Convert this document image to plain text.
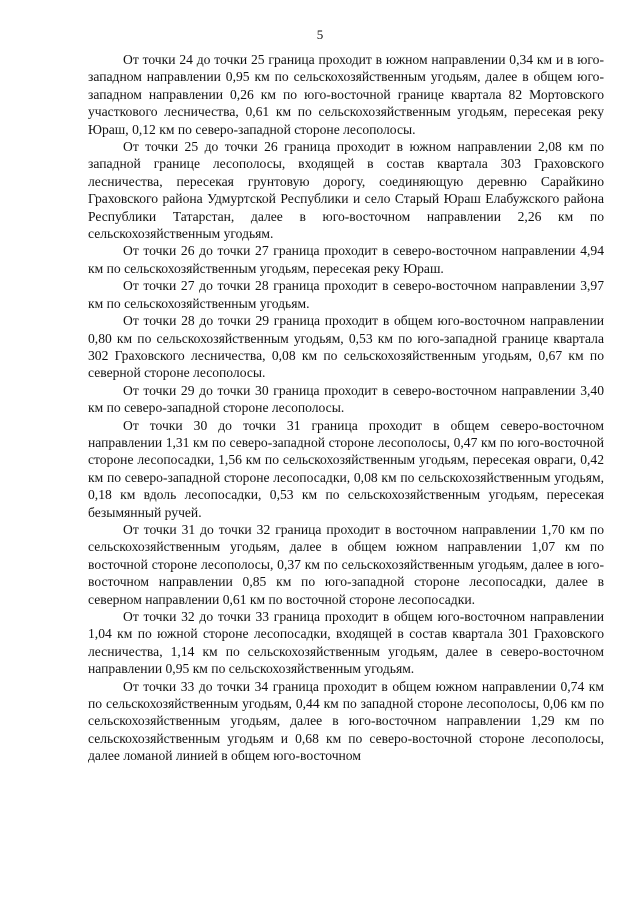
5

От точки 24 до точки 25 граница проходит в южном направлении 0,34 км и в юго-западном направлении 0,95 км по сельскохозяйственным угодьям, далее в общем юго-западном направлении 0,26 км по юго-восточной границе квартала 82 Мортовского участкового лесничества, 0,61 км по сельскохозяйственным угодьям, пересекая реку Юраш, 0,12 км по северо-западной стороне лесополосы.

От точки 25 до точки 26 граница проходит в южном направлении 2,08 км по западной границе лесополосы, входящей в состав квартала 303 Граховского лесничества, пересекая грунтовую дорогу, соединяющую деревню Сарайкино Граховского района Удмуртской Республики и село Старый Юраш Елабужского района Республики Татарстан, далее в юго-восточном направлении 2,26 км по сельскохозяйственным угодьям.

От точки 26 до точки 27 граница проходит в северо-восточном направлении 4,94 км по сельскохозяйственным угодьям, пересекая реку Юраш.

От точки 27 до точки 28 граница проходит в северо-восточном направлении 3,97 км по сельскохозяйственным угодьям.

От точки 28 до точки 29 граница проходит в общем юго-восточном направлении 0,80 км по сельскохозяйственным угодьям, 0,53 км по юго-западной границе квартала 302 Граховского лесничества, 0,08 км по сельскохозяйственным угодьям, 0,67 км по северной стороне лесополосы.

От точки 29 до точки 30 граница проходит в северо-восточном направлении 3,40 км по северо-западной стороне лесополосы.

От точки 30 до точки 31 граница проходит в общем северо-восточном направлении 1,31 км по северо-западной стороне лесополосы, 0,47 км по юго-восточной стороне лесопосадки, 1,56 км по сельскохозяйственным угодьям, пересекая овраги, 0,42 км по северо-западной стороне лесопосадки, 0,08 км по сельскохозяйственным угодьям, 0,18 км вдоль лесопосадки, 0,53 км по сельскохозяйственным угодьям, пересекая безымянный ручей.

От точки 31 до точки 32 граница проходит в восточном направлении 1,70 км по сельскохозяйственным угодьям, далее в общем южном направлении 1,07 км по восточной стороне лесополосы, 0,37 км по сельскохозяйственным угодьям, далее в юго-восточном направлении 0,85 км по юго-западной стороне лесопосадки, далее в северном направлении 0,61 км по восточной стороне лесопосадки.

От точки 32 до точки 33 граница проходит в общем юго-восточном направлении 1,04 км по южной стороне лесопосадки, входящей в состав квартала 301 Граховского лесничества, 1,14 км по сельскохозяйственным угодьям, далее в северо-восточном направлении 0,95 км по сельскохозяйственным угодьям.

От точки 33 до точки 34 граница проходит в общем южном направлении 0,74 км по сельскохозяйственным угодьям, 0,44 км по западной стороне лесополосы, 0,06 км по сельскохозяйственным угодьям, далее в юго-восточном направлении 1,29 км по сельскохозяйственным угодьям и 0,68 км по северо-восточной стороне лесополосы, далее ломаной линией в общем юго-восточном
